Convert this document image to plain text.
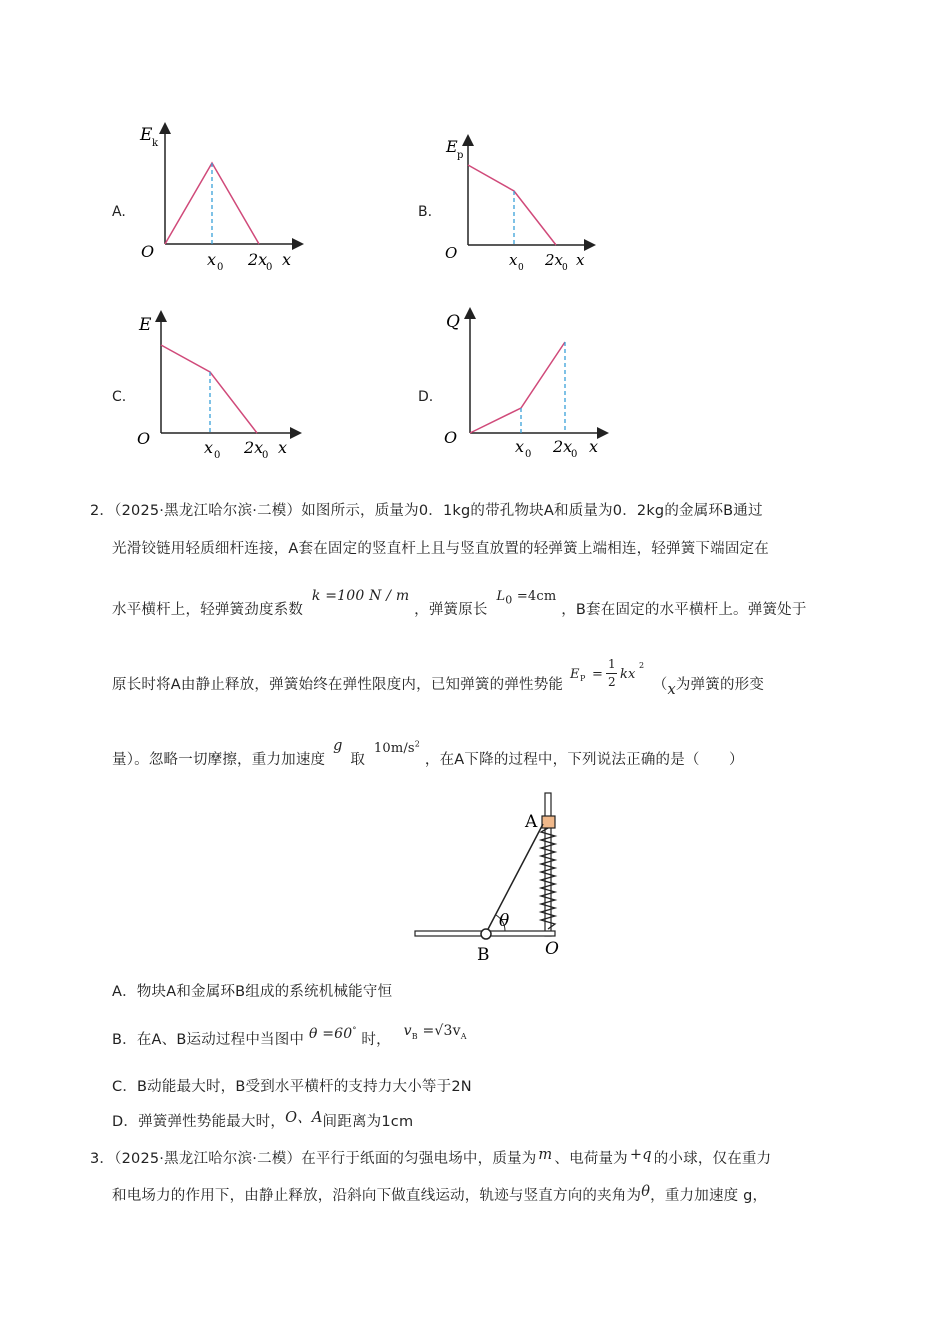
A.	B.
C.	D.
E k
O	x 0 2x
0 x
E p
O	x 0 2x
0 x
E
O	x 0 2x
0 x
Q
O	x 0 2x
0 x
2．（2025·黑龙江哈尔滨·二模）如图所示，质量为0．1kg的带孔物块A和质量为0．2kg的金属环B通过
光滑铰链用轻质细杆连接，A套在固定的竖直杆上且与竖直放置的轻弹簧上端相连，轻弹簧下端固定在
水平横杆上，轻弹簧劲度系数 k =100 N / m ，弹簧原长 $L_0 =4cm$ ，B套在固定的水平横杆上。弹簧处于
原长时将A由静止释放，弹簧始终在弹性限度内，已知弹簧的弹性势能
E P =
1
2 kx
2
（x为弹簧的形变
量）。忽略一切摩擦，重力加速度 g 取 $10m/s^2$ ，在A下降的过程中，下列说法正确的是（　　）
θ
A
B	O
A．物块A和金属环B组成的系统机械能守恒
B．在A、B运动过程中当图中 θ =60° 时， $v_B =√3v_A$
C．B动能最大时，B受到水平横杆的支持力大小等于2N
D．弹簧弹性势能最大时，O、A间距离为1cm
3．（2025·黑龙江哈尔滨·二模）在平行于纸面的匀强电场中，质量为 m 、电荷量为 +q 的小球，仅在重力
和电场力的作用下，由静止释放，沿斜向下做直线运动，轨迹与竖直方向的夹角为θ，重力加速度 g，
